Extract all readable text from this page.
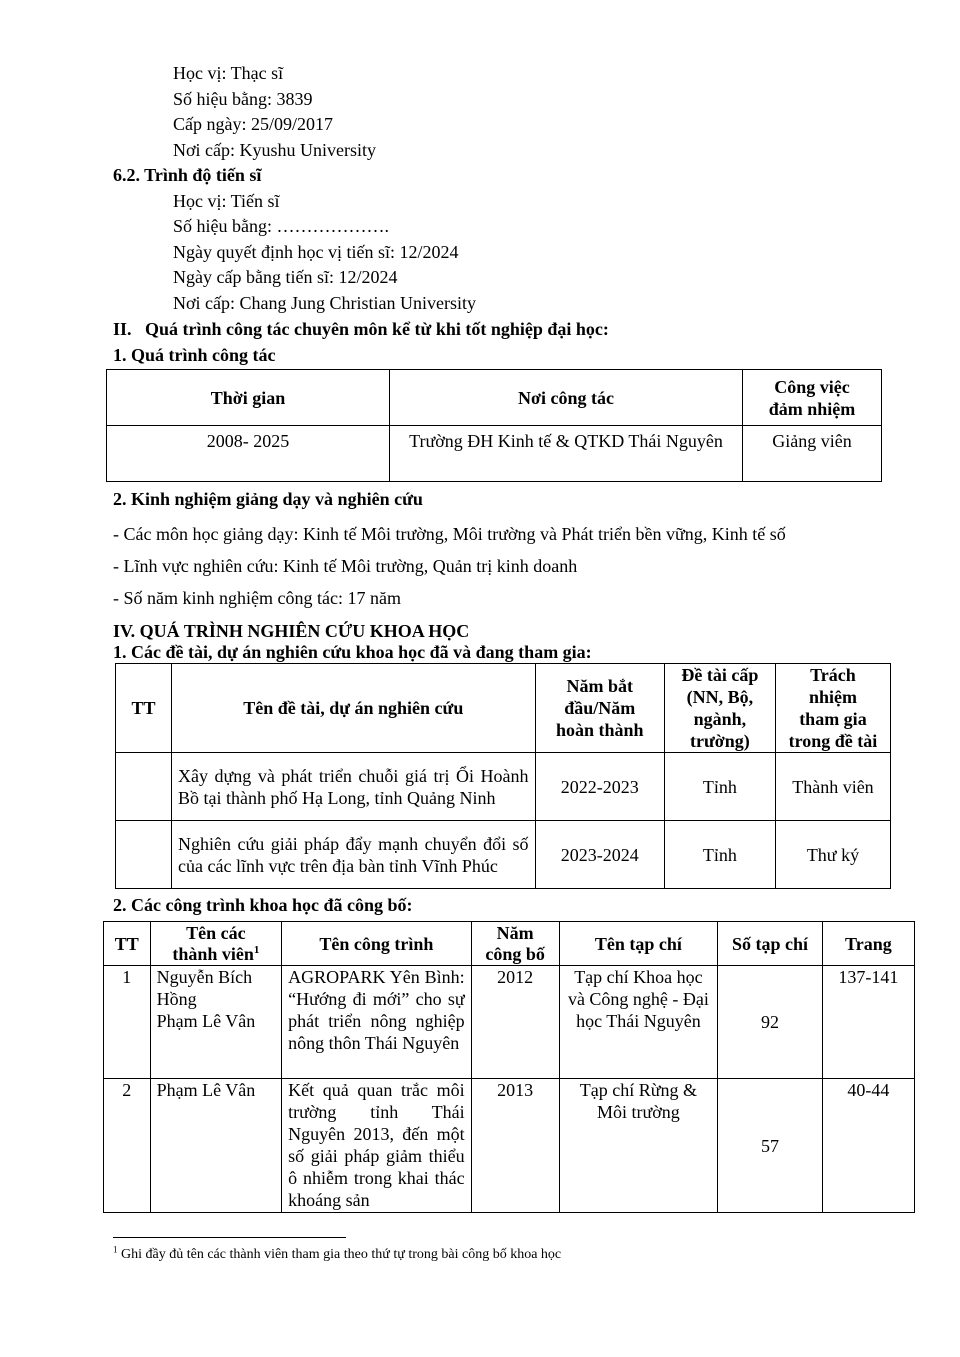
Học vị: Thạc sĩ
Số hiệu bằng: 3839
Cấp ngày: 25/09/2017
Nơi cấp: Kyushu University
6.2. Trình độ tiến sĩ
Học vị: Tiến sĩ
Số hiệu bằng: ……………….
Ngày quyết định học vị tiến sĩ: 12/2024
Ngày cấp bằng tiến sĩ: 12/2024
Nơi cấp: Chang Jung Christian University
II. Quá trình công tác chuyên môn kể từ khi tốt nghiệp đại học:
1. Quá trình công tác
Thời gian	Nơi công tác	Công việc
đảm nhiệm
2008- 2025	Trường ĐH Kinh tế & QTKD Thái Nguyên	Giảng viên
2. Kinh nghiệm giảng dạy và nghiên cứu
- Các môn học giảng dạy: Kinh tế Môi trường, Môi trường và Phát triển bền vững, Kinh tế số
- Lĩnh vực nghiên cứu: Kinh tế Môi trường, Quản trị kinh doanh
- Số năm kinh nghiệm công tác: 17 năm
IV. QUÁ TRÌNH NGHIÊN CỨU KHOA HỌC
1. Các đề tài, dự án nghiên cứu khoa học đã và đang tham gia:
TT	Tên đề tài, dự án nghiên cứu	Năm bắt
đầu/Năm
hoàn thành	Đề tài cấp
(NN, Bộ,
ngành,
trường)	Trách
nhiệm
tham gia
trong đề tài
	Xây dựng và phát triển chuỗi giá trị Ổi Hoành Bồ tại thành phố Hạ Long, tỉnh Quảng Ninh	2022-2023	Tỉnh	Thành viên
	Nghiên cứu giải pháp đẩy mạnh chuyển đổi số của các lĩnh vực trên địa bàn tỉnh Vĩnh Phúc	2023-2024	Tỉnh	Thư ký
2. Các công trình khoa học đã công bố:
TT	Tên các
thành viên$^1$	Tên công trình	Năm
công bố	Tên tạp chí	Số tạp chí	Trang
1	Nguyễn Bích Hồng
Phạm Lê Vân	AGROPARK Yên Bình: “Hướng đi mới” cho sự phát triển nông nghiệp nông thôn Thái Nguyên	2012	Tạp chí Khoa học và Công nghệ - Đại học Thái Nguyên	92	137-141
2	Phạm Lê Vân	Kết quả quan trắc môi trường tỉnh Thái Nguyên 2013, đến một số giải pháp giảm thiểu ô nhiễm trong khai thác khoáng sản	2013	Tạp chí Rừng & Môi trường	57	40-44
$^1$ Ghi đầy đủ tên các thành viên tham gia theo thứ tự trong bài công bố khoa học
